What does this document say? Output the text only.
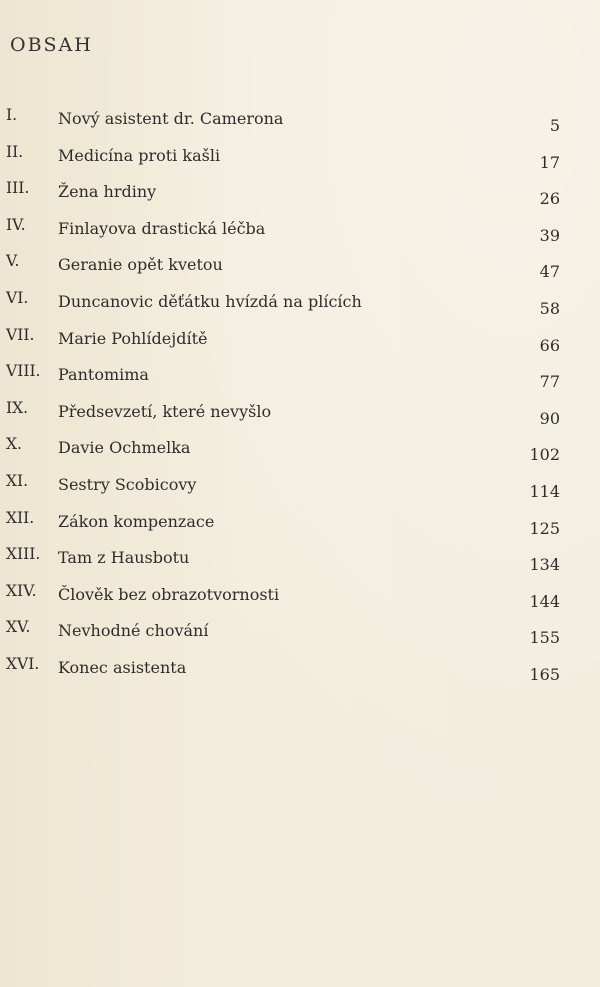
OBSAH
I.	Nový asistent dr. Camerona	5
II. Medicína proti kašli	17
III. Žena hrdiny	26
IV. Finlayova drastická léčba	39
V. Geranie opět kvetou	47
VI. Duncanovic děťátku hvízdá na plících	58
VII. Marie Pohlídejdítě	66
VIII. Pantomima	77
IX. Předsevzetí, které nevyšlo	90
X. Davie Ochmelka	102
XI. Sestry Scobicovy	114
XII. Zákon kompenzace	125
XIII. Tam z Hausbotu	134
XIV. Člověk bez obrazotvornosti	144
XV. Nevhodné chování	155
XVI. Konec asistenta	165
